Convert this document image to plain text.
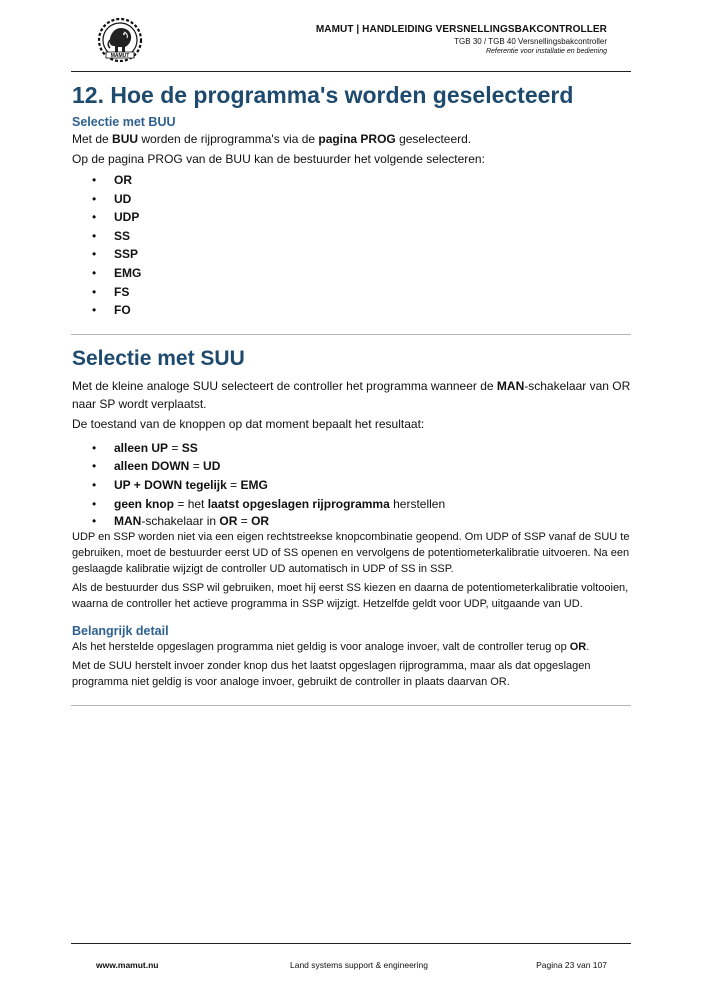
MAMUT
MAMUT | HANDLEIDING VERSNELLINGSBAKCONTROLLER
TGB 30 / TGB 40 Versnellingsbakcontroller
Referentie voor installatie en bediening
12. Hoe de programma's worden geselecteerd
Selectie met BUU

Met de BUU worden de rijprogramma's via de pagina PROG geselecteerd.

Op de pagina PROG van de BUU kan de bestuurder het volgende selecteren:

• OR
• UD
• UDP
• SS
• SSP
• EMG
• FS
• FO
Selectie met SUU

Met de kleine analoge SUU selecteert de controller het programma wanneer de MAN-schakelaar van OR naar SP wordt verplaatst.

De toestand van de knoppen op dat moment bepaalt het resultaat:

• alleen UP = SS
• alleen DOWN = UD
• UP + DOWN tegelijk = EMG
• geen knop = het laatst opgeslagen rijprogramma herstellen
• MAN-schakelaar in OR = OR

UDP en SSP worden niet via een eigen rechtstreekse knopcombinatie geopend. Om UDP of SSP vanaf de SUU te gebruiken, moet de bestuurder eerst UD of SS openen en vervolgens de potentiometerkalibratie uitvoeren. Na een geslaagde kalibratie wijzigt de controller UD automatisch in UDP of SS in SSP.

Als de bestuurder dus SSP wil gebruiken, moet hij eerst SS kiezen en daarna de potentiometerkalibratie voltooien, waarna de controller het actieve programma in SSP wijzigt. Hetzelfde geldt voor UDP, uitgaande van UD.

Belangrijk detail

Als het herstelde opgeslagen programma niet geldig is voor analoge invoer, valt de controller terug op OR.

Met de SUU herstelt invoer zonder knop dus het laatst opgeslagen rijprogramma, maar als dat opgeslagen programma niet geldig is voor analoge invoer, gebruikt de controller in plaats daarvan OR.

www.mamut.nu	Land systems support & engineering	Pagina 23 van 107
